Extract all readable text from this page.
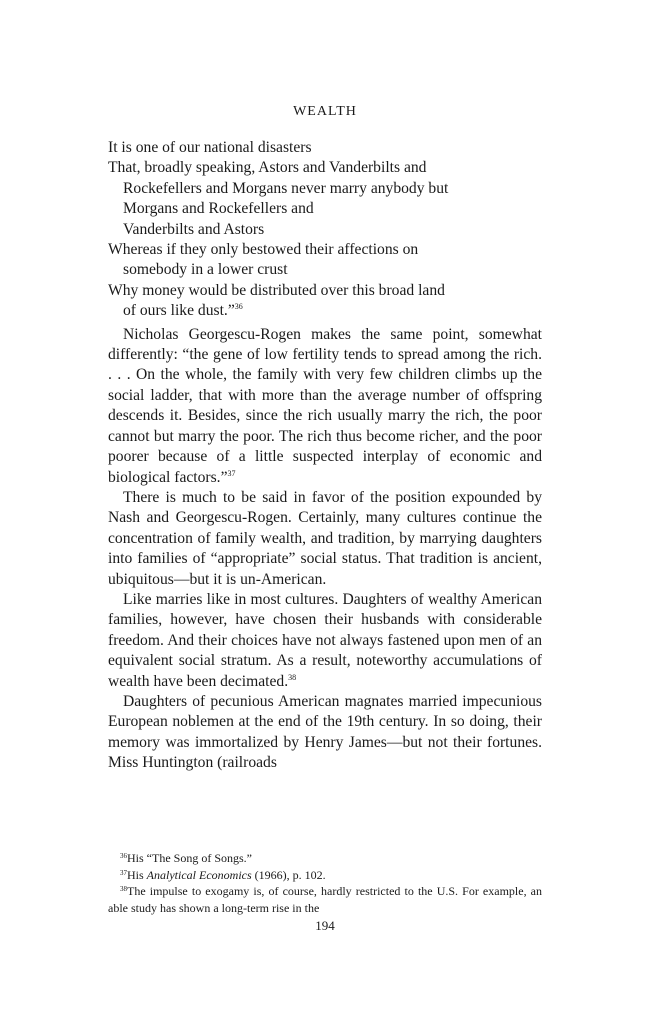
WEALTH
It is one of our national disasters
That, broadly speaking, Astors and Vanderbilts and
Rockefellers and Morgans never marry anybody but
Morgans and Rockefellers and
Vanderbilts and Astors
Whereas if they only bestowed their affections on
somebody in a lower crust
Why money would be distributed over this broad land
of ours like dust.”$^{36}$

Nicholas Georgescu-Rogen makes the same point, somewhat differently: “the gene of low fertility tends to spread among the rich. . . . On the whole, the family with very few children climbs up the social ladder, that with more than the average number of offspring descends it. Besides, since the rich usually marry the rich, the poor cannot but marry the poor. The rich thus become richer, and the poor poorer because of a little suspected interplay of economic and biological factors.”$^{37}$

There is much to be said in favor of the position expounded by Nash and Georgescu-Rogen. Certainly, many cultures continue the concentration of family wealth, and tradition, by marrying daughters into families of “appropriate” social status. That tradition is ancient, ubiquitous—but it is un-American.

Like marries like in most cultures. Daughters of wealthy American families, however, have chosen their husbands with considerable freedom. And their choices have not always fastened upon men of an equivalent social stratum. As a result, noteworthy accumulations of wealth have been decimated.$^{38}$

Daughters of pecunious American magnates married impecunious European noblemen at the end of the 19th century. In so doing, their memory was immortalized by Henry James—but not their fortunes. Miss Huntington (railroads

$^{36}$His “The Song of Songs.”
$^{37}$His Analytical Economics (1966), p. 102.
$^{38}$The impulse to exogamy is, of course, hardly restricted to the U.S. For example, an able study has shown a long-term rise in the
194
